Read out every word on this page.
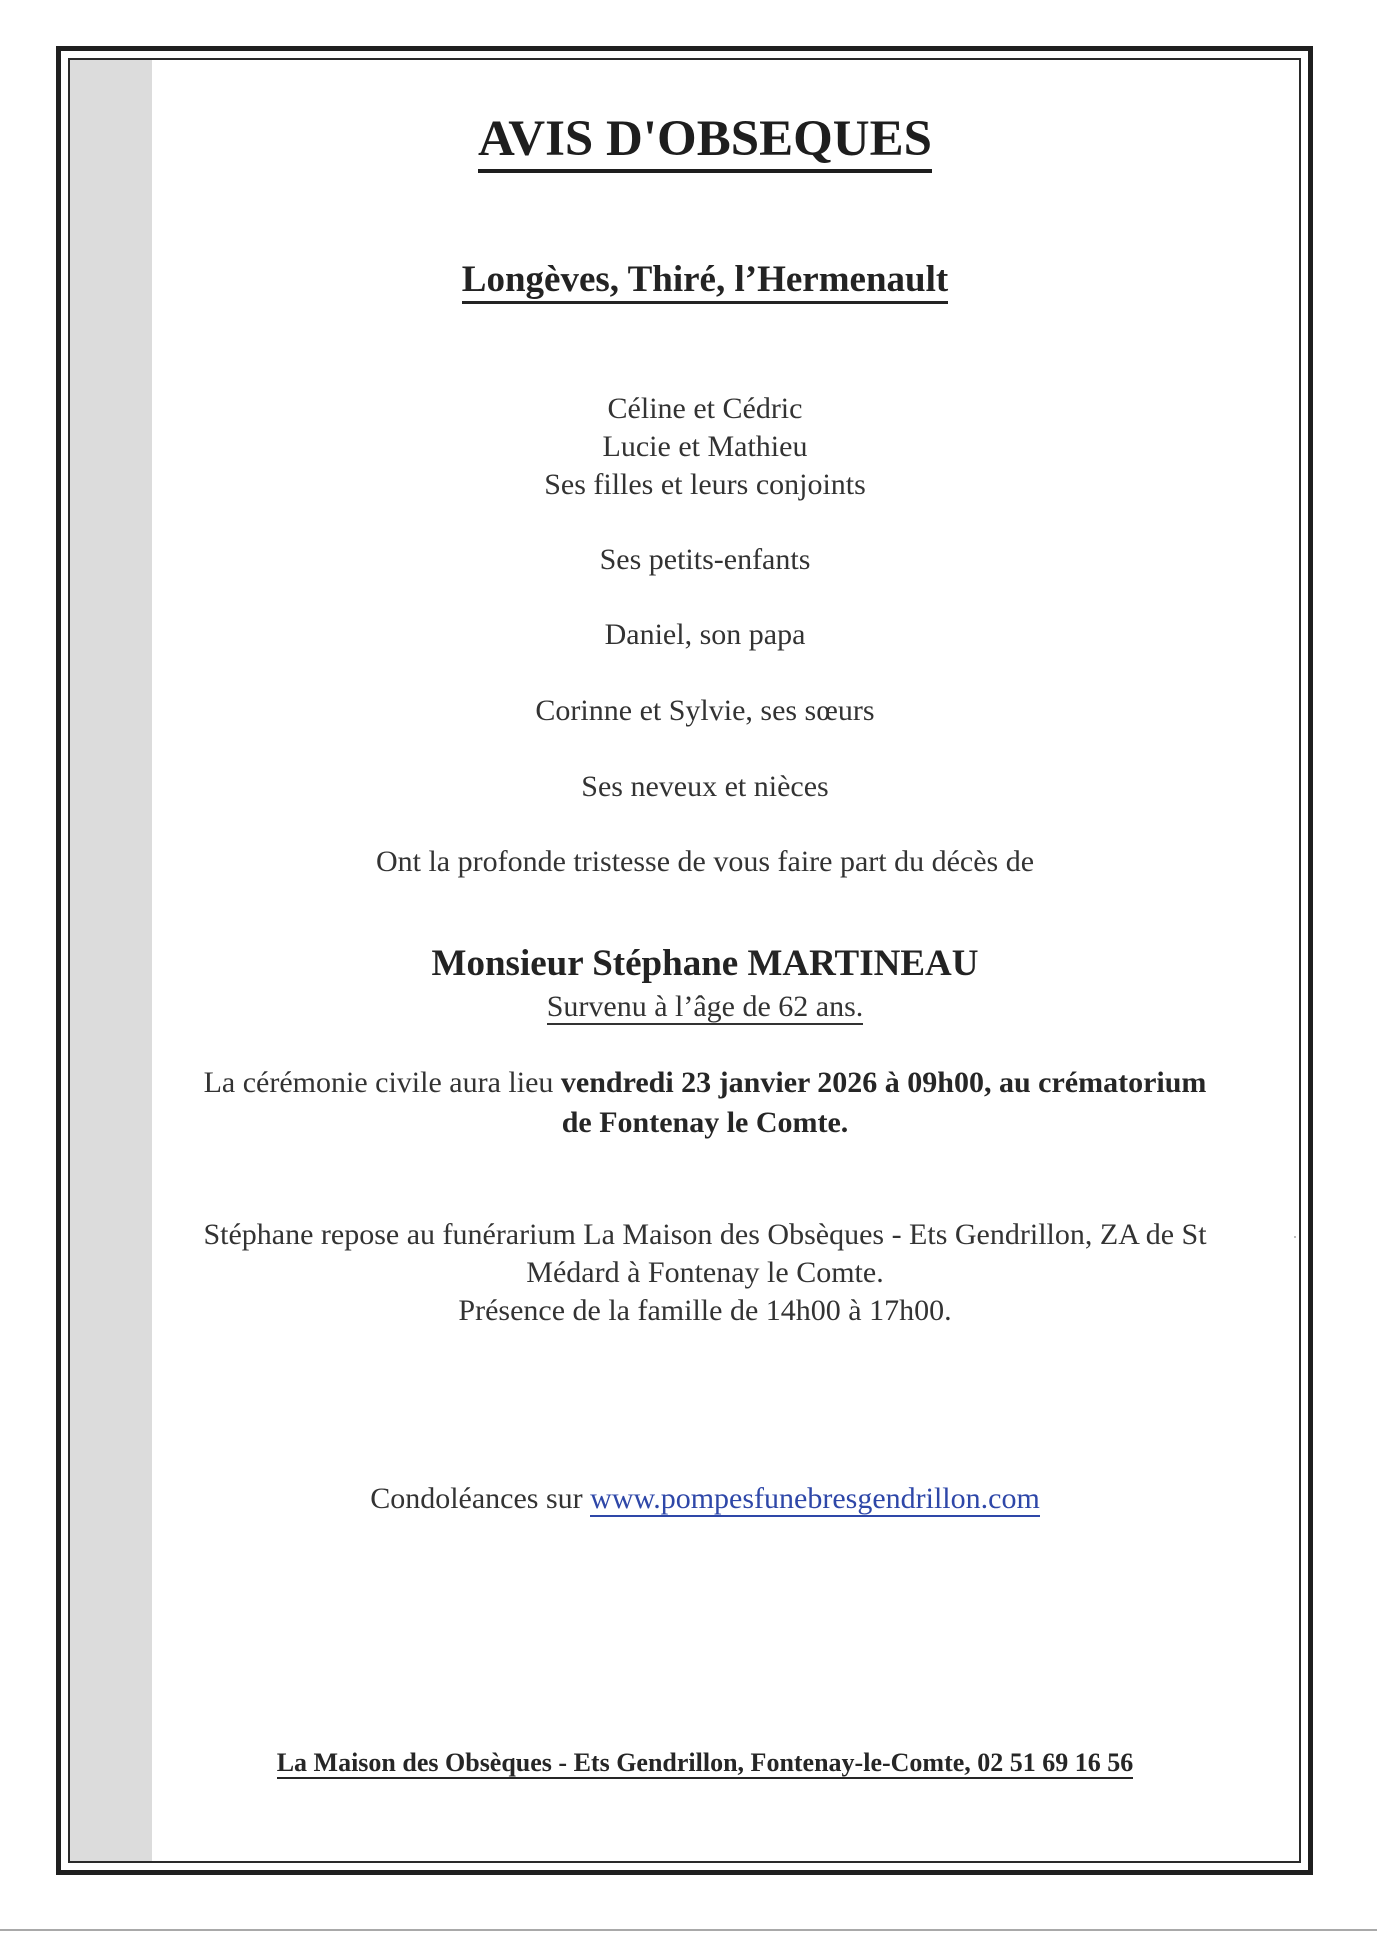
AVIS D'OBSEQUES
Longèves, Thiré, l’Hermenault
Céline et Cédric
Lucie et Mathieu
Ses filles et leurs conjoints
Ses petits-enfants
Daniel, son papa
Corinne et Sylvie, ses sœurs
Ses neveux et nièces
Ont la profonde tristesse de vous faire part du décès de
Monsieur Stéphane MARTINEAU
Survenu à l’âge de 62 ans.
La cérémonie civile aura lieu vendredi 23 janvier 2026 à 09h00, au crématorium
de Fontenay le Comte.
Stéphane repose au funérarium La Maison des Obsèques - Ets Gendrillon, ZA de St
Médard à Fontenay le Comte.
Présence de la famille de 14h00 à 17h00.
Condoléances sur www.pompesfunebresgendrillon.com
La Maison des Obsèques - Ets Gendrillon, Fontenay-le-Comte, 02 51 69 16 56
